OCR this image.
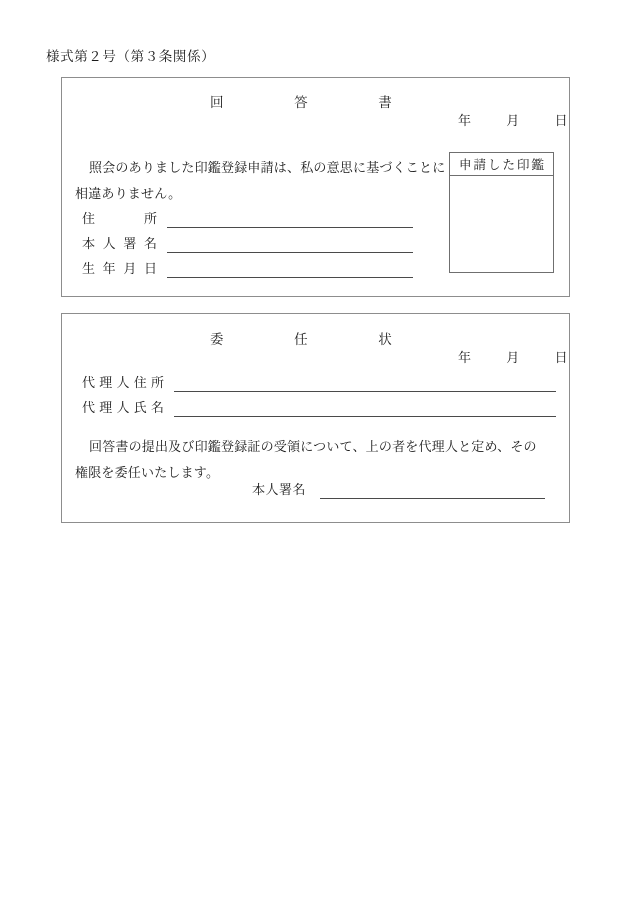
様式第２号（第３条関係）
回	答	書
年	月	日
照会のありました印鑑登録申請は、私の意思に基づくことに
相違ありません。
住所
本人署名
生年月日
申請した印鑑
委	任	状
年	月	日
代理人住所
代理人氏名
回答書の提出及び印鑑登録証の受領について、上の者を代理人と定め、その
権限を委任いたします。
本人署名
